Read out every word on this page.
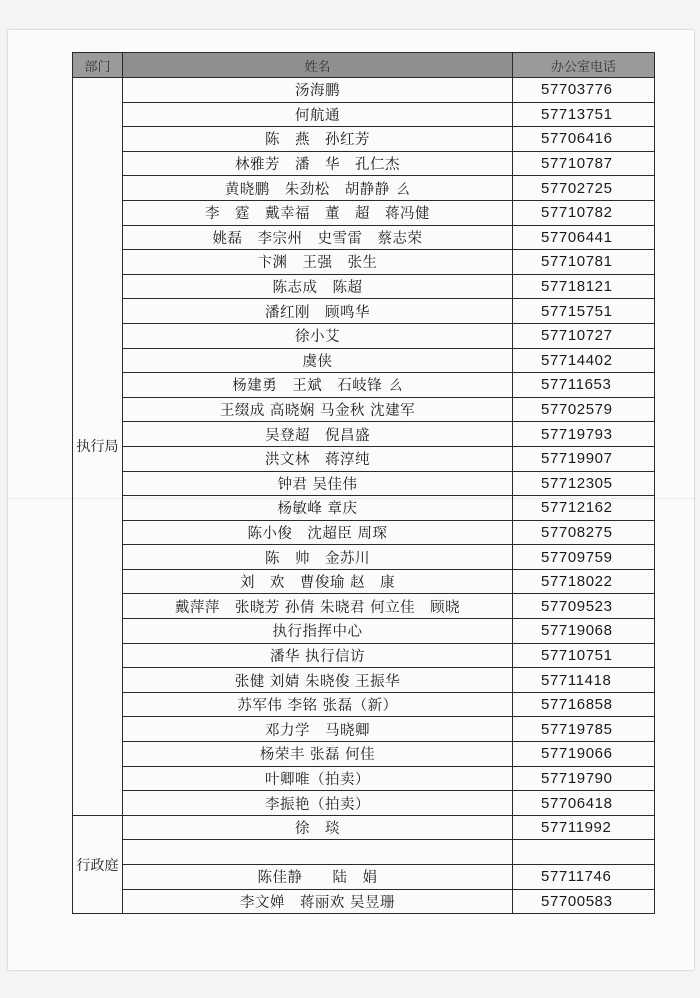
部门	姓名	办公室电话
执行局	汤海鹏	57703776
	何航通	57713751
	陈　燕　孙红芳	57706416
	林雅芳　潘　华　孔仁杰	57710787
	黄晓鹏　朱劲松　胡静静 么	57702725
	李　霆　戴幸福　董　超　蒋冯健	57710782
	姚磊　李宗州　史雪雷　蔡志荣	57706441
	卞渊　王强　张生	57710781
	陈志成　陈超	57718121
	潘红刚　顾鸣华	57715751
	徐小艾	57710727
	虞侠	57714402
	杨建勇　王斌　石岐锋 么	57711653
	王缀成 高晓娴 马金秋 沈建军	57702579
	吴登超　倪昌盛	57719793
	洪文林　蒋淳纯	57719907
	钟君 吴佳伟	57712305
	杨敏峰 章庆	57712162
	陈小俊　沈超臣 周琛	57708275
	陈　帅　金苏川	57709759
	刘　欢　曹俊瑜 赵　康	57718022
	戴萍萍　张晓芳 孙倩 朱晓君 何立佳　顾晓	57709523
	执行指挥中心	57719068
	潘华 执行信访	57710751
	张健 刘婧 朱晓俊 王振华	57711418
	苏军伟 李铭 张磊（新）	57716858
	邓力学　马晓卿	57719785
	杨荣丰 张磊 何佳	57719066
	叶卿唯（拍卖）	57719790
	李振艳（拍卖）	57706418
行政庭	徐　琰	57711992

	陈佳静　　陆　娟	57711746
	李文婵　蒋丽欢 吴昱珊	57700583
